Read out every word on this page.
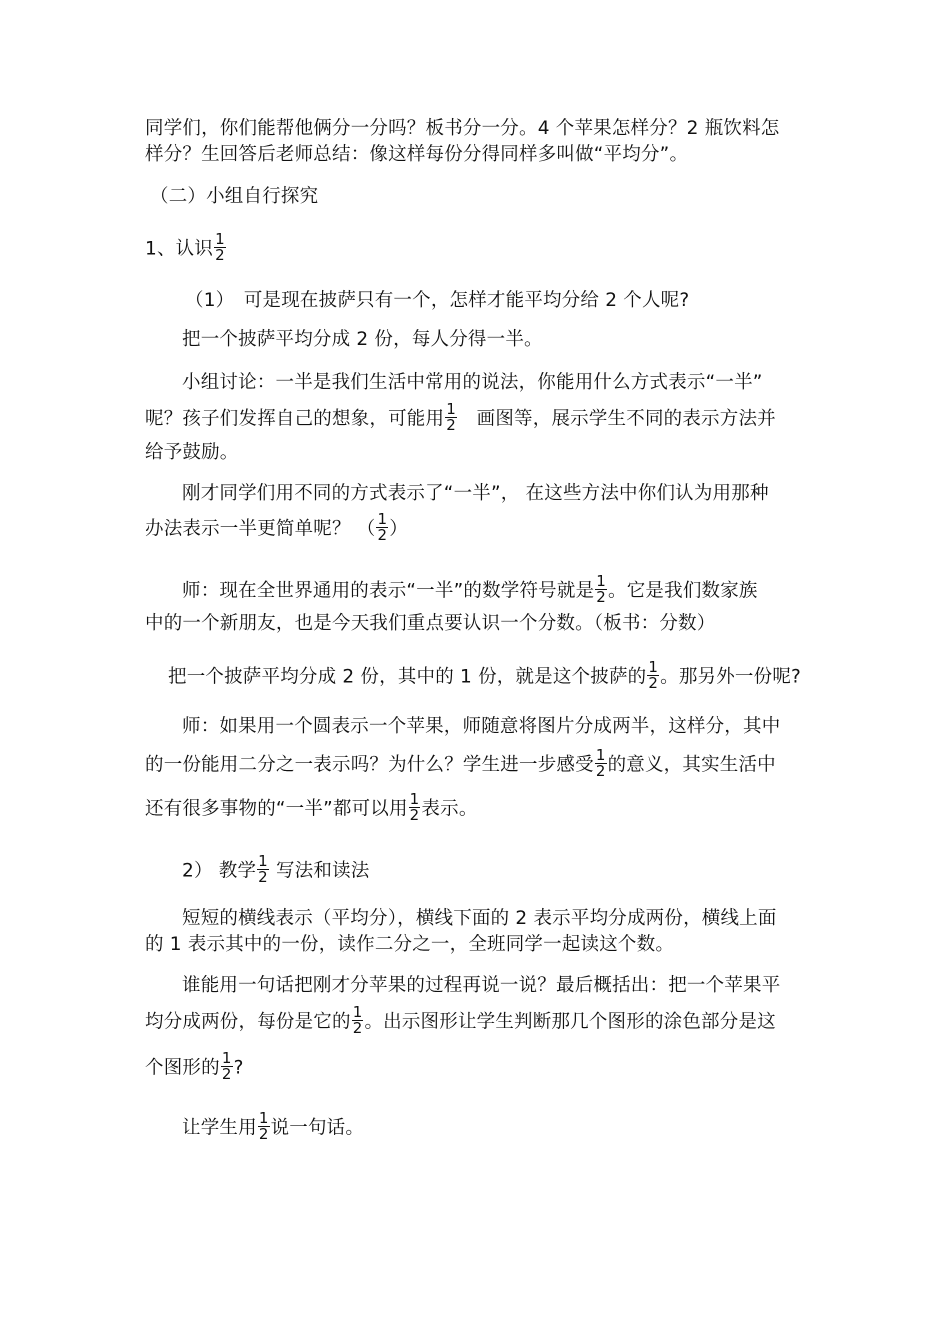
同学们，你们能帮他俩分一分吗？板书分一分。4 个苹果怎样分？2 瓶饮料怎
样分？生回答后老师总结：像这样每份分得同样多叫做“平均分”。
（二）小组自行探究
1、认识 $\frac{1}{2}$
（1）　可是现在披萨只有一个，怎样才能平均分给 2 个人呢?
把一个披萨平均分成 2 份，每人分得一半。
小组讨论：一半是我们生活中常用的说法，你能用什么方式表示“一半”
呢？孩子们发挥自己的想象，可能用 $\frac{1}{2}$ 　画图等，展示学生不同的表示方法并
给予鼓励。
刚才同学们用不同的方式表示了“一半”， 在这些方法中你们认为用那种
办法表示一半更简单呢？ （ $\frac{1}{2}$ ）
师：现在全世界通用的表示“一半”的数学符号就是 $\frac{1}{2}$ 。它是我们数家族
中的一个新朋友，也是今天我们重点要认识一个分数。（板书：分数）
把一个披萨平均分成 2 份，其中的 1 份，就是这个披萨的 $\frac{1}{2}$ 。那另外一份呢?
师：如果用一个圆表示一个苹果，师随意将图片分成两半，这样分，其中
的一份能用二分之一表示吗？为什么？学生进一步感受 $\frac{1}{2}$ 的意义，其实生活中
还有很多事物的“一半”都可以用 $\frac{1}{2}$ 表示。
2） 教学 $\frac{1}{2}$ 写法和读法
短短的横线表示（平均分），横线下面的 2 表示平均分成两份，横线上面
的 1 表示其中的一份，读作二分之一，全班同学一起读这个数。
谁能用一句话把刚才分苹果的过程再说一说？最后概括出：把一个苹果平
均分成两份，每份是它的 $\frac{1}{2}$ 。出示图形让学生判断那几个图形的涂色部分是这
个图形的 $\frac{1}{2}$ ?
让学生用 $\frac{1}{2}$ 说一句话。
